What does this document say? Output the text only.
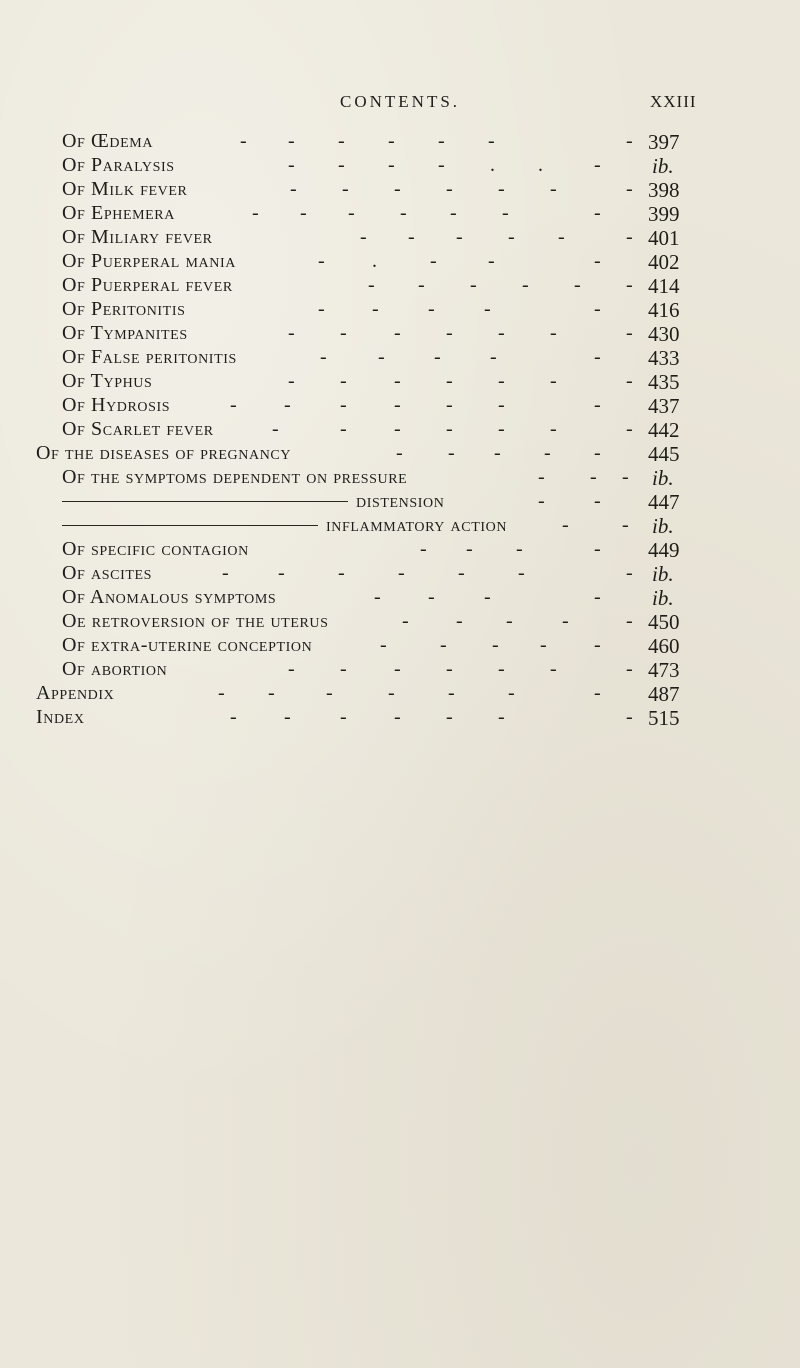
CONTENTS.	XXIII
Of Œdema	- - - - - -	- 397
Of Paralysis	- - - - . .	- ib.
Of Milk fever	- - - - - -	- 398
Of Ephemera	- - - - - -	- 399
Of Miliary fever	- - - - -	- 401
Of Puerperal mania	- .	-	-	- 402
Of Puerperal fever	- - - - - - 414
Of Peritonitis	- - - -	- 416
Of Tympanites	- - - - - -	- 430
Of False peritonitis	-	- - -	- 433
Of Typhus	- - - - - -	- 435
Of Hydrosis	- - - - - -	- 437
Of Scarlet fever	-	- - - - -	- 442
Of the diseases of pregnancy	- - - - - 445
Of the symptoms dependent on pressure	- - - ib.
distension	- - 447
inflammatory action	-	- ib.
Of specific contagion	- - -	- 449
Of ascites	- -	-	-	-	-	- ib.
Of Anomalous symptoms	- - -	- ib.
Oe retroversion of the uterus	- - - -	- 450
Of extra-uterine conception	-	- - - - 460
Of abortion	- - - - - -	- 473
Appendix	- -	-	-	-	-	- 487
Index	- - - - - -	- 515
